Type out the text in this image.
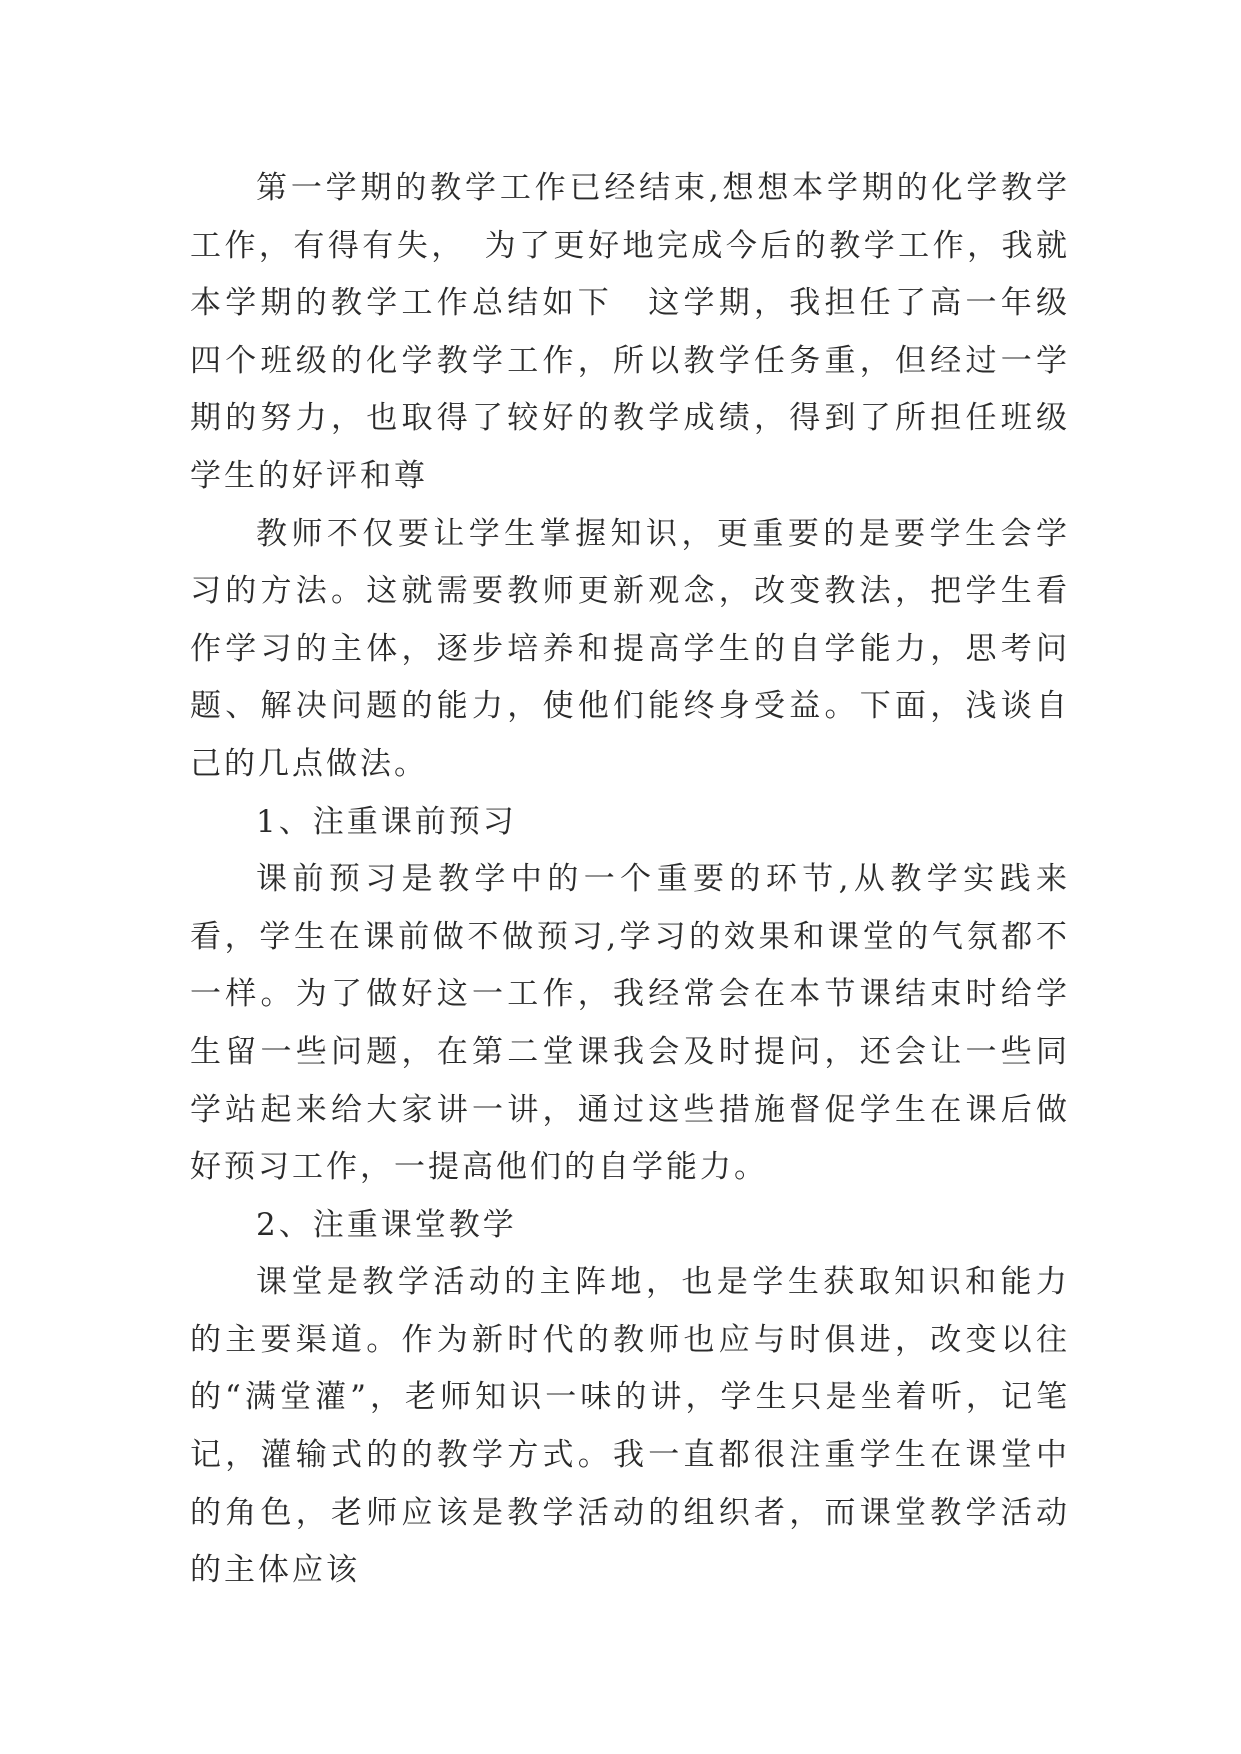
第一学期的教学工作已经结束,想想本学期的化学教学工作，有得有失，　为了更好地完成今后的教学工作，我就本学期的教学工作总结如下　这学期，我担任了高一年级四个班级的化学教学工作，所以教学任务重，但经过一学期的努力，也取得了较好的教学成绩，得到了所担任班级学生的好评和尊

教师不仅要让学生掌握知识，更重要的是要学生会学习的方法。这就需要教师更新观念，改变教法，把学生看作学习的主体，逐步培养和提高学生的自学能力，思考问题、解决问题的能力，使他们能终身受益。下面，浅谈自己的几点做法。

1、注重课前预习

课前预习是教学中的一个重要的环节,从教学实践来看，学生在课前做不做预习,学习的效果和课堂的气氛都不一样。为了做好这一工作，我经常会在本节课结束时给学生留一些问题，在第二堂课我会及时提问，还会让一些同学站起来给大家讲一讲，通过这些措施督促学生在课后做好预习工作，一提高他们的自学能力。

2、注重课堂教学

课堂是教学活动的主阵地，也是学生获取知识和能力的主要渠道。作为新时代的教师也应与时俱进，改变以往的“满堂灌”，老师知识一味的讲，学生只是坐着听，记笔记，灌输式的的教学方式。我一直都很注重学生在课堂中的角色，老师应该是教学活动的组织者，而课堂教学活动的主体应该
